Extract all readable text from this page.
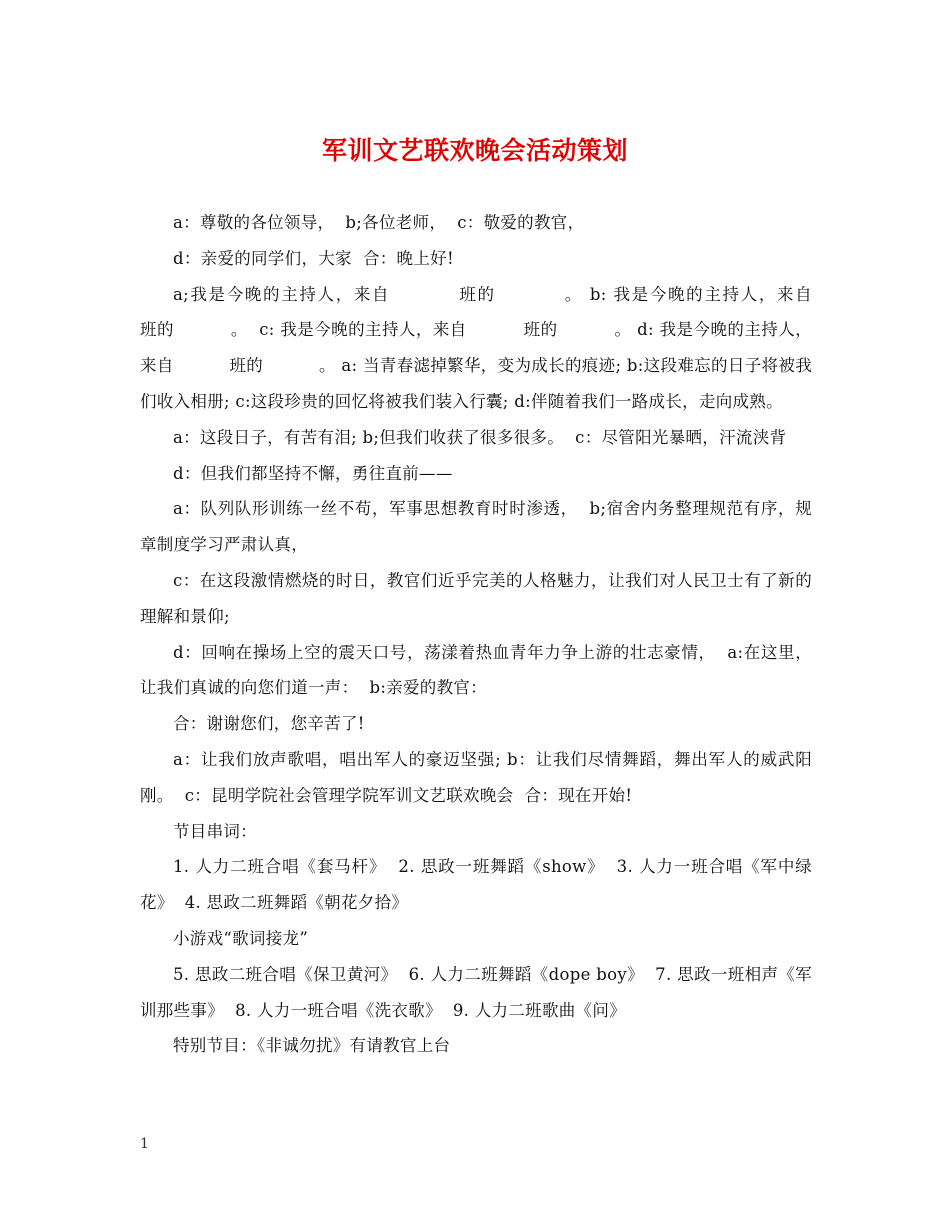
军训文艺联欢晚会活动策划

a：尊敬的各位领导，  b;各位老师，  c：敬爱的教官，

d：亲爱的同学们，大家  合：晚上好!

a;我是今晚的主持人，来自          班的          。 b: 我是今晚的主持人，来自          班的          。  c: 我是今晚的主持人，来自          班的          。 d: 我是今晚的主持人，来自          班的          。 a: 当青春滤掉繁华，变为成长的痕迹; b:这段难忘的日子将被我们收入相册; c:这段珍贵的回忆将被我们装入行囊; d:伴随着我们一路成长，走向成熟。

a：这段日子，有苦有泪; b;但我们收获了很多很多。  c：尽管阳光暴晒，汗流浃背

d：但我们都坚持不懈，勇往直前——

a：队列队形训练一丝不苟，军事思想教育时时渗透，  b;宿舍内务整理规范有序，规章制度学习严肃认真，

c：在这段激情燃烧的时日，教官们近乎完美的人格魅力，让我们对人民卫士有了新的理解和景仰;

d：回响在操场上空的震天口号，荡漾着热血青年力争上游的壮志豪情，  a:在这里，让我们真诚的向您们道一声：  b:亲爱的教官：

合：谢谢您们，您辛苦了!

a：让我们放声歌唱，唱出军人的豪迈坚强; b：让我们尽情舞蹈，舞出军人的威武阳刚。  c：昆明学院社会管理学院军训文艺联欢晚会  合：现在开始!

节目串词：

1. 人力二班合唱《套马杆》  2. 思政一班舞蹈《show》  3. 人力一班合唱《军中绿花》  4. 思政二班舞蹈《朝花夕拾》

小游戏“歌词接龙”

5. 思政二班合唱《保卫黄河》  6. 人力二班舞蹈《dope boy》  7. 思政一班相声《军训那些事》  8. 人力一班合唱《洗衣歌》  9. 人力二班歌曲《问》

特别节目：《非诚勿扰》有请教官上台

1
